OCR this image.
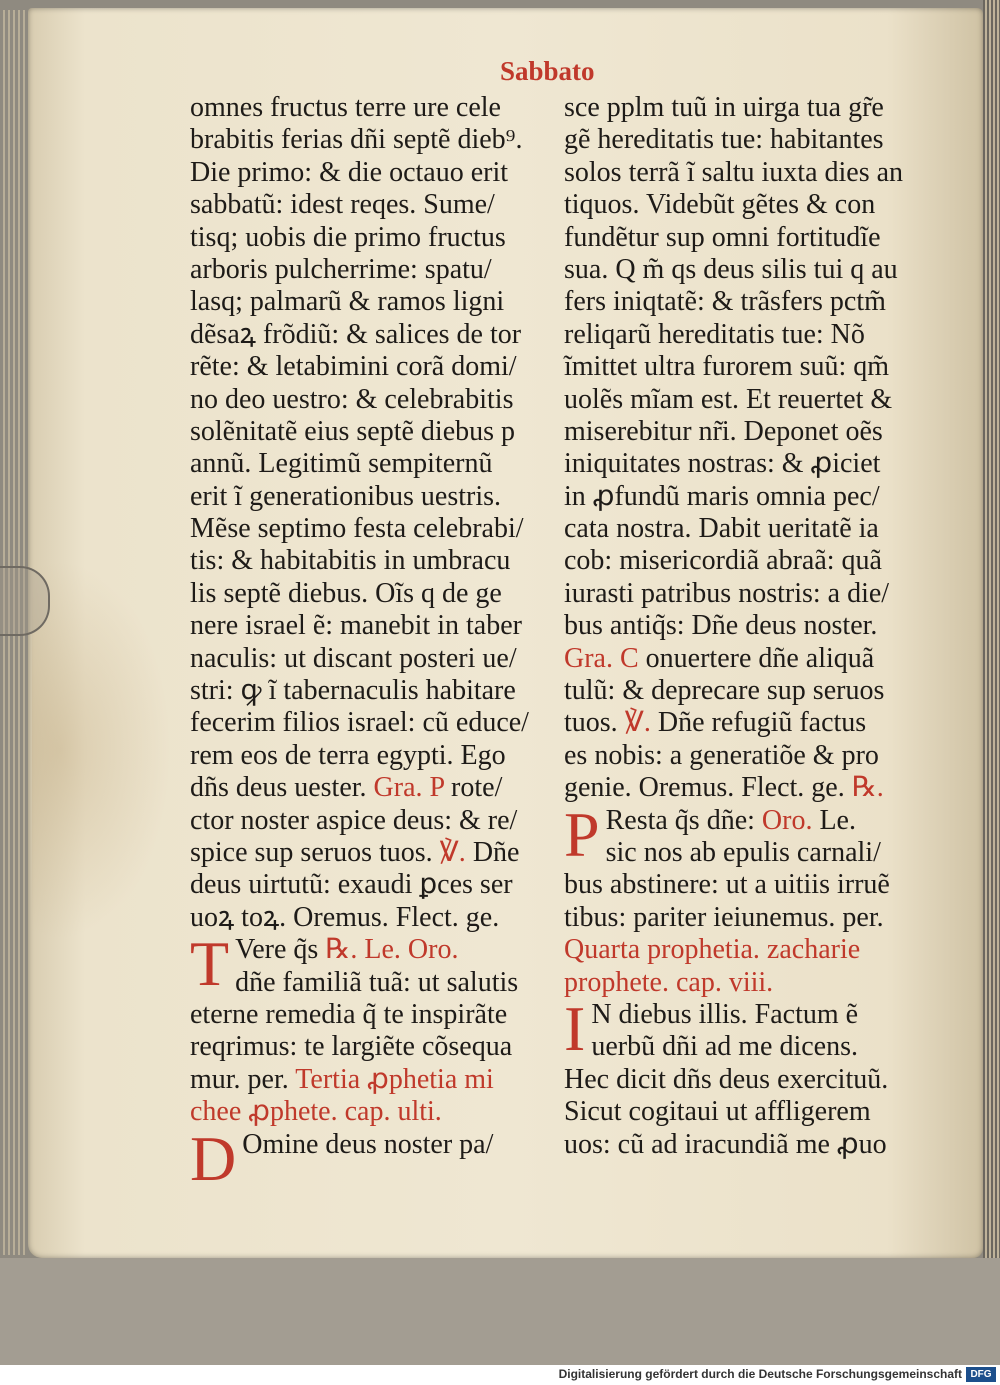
Sabbato
omnes fructus terre ure cele
brabitis ferias dñi septẽ dieb⁹.
Die primo: & die octauo erit
sabbatũ: idest reqes. Sume/
tisq; uobis die primo fructus
arboris pulcherrime: spatu/
lasq; palmarũ & ramos ligni
dẽsaꝝ frõdiũ: & salices de tor
rẽte: & letabimini corã domi/
no deo uestro: & celebrabitis
solẽnitatẽ eius septẽ diebus p
annũ. Legitimũ sempiternũ
erit ĩ generationibus uestris.
Mẽse septimo festa celebrabi/
tis: & habitabitis in umbracu
lis septẽ diebus. Oĩs q de ge
nere israel ẽ: manebit in taber
naculis: ut discant posteri ue/
stri: ꝙ ĩ tabernaculis habitare
fecerim filios israel: cũ educe/
rem eos de terra egypti. Ego
dñs deus uester. Gra. P rote/
ctor noster aspice deus: & re/
spice sup seruos tuos. ℣. Dñe
deus uirtutũ: exaudi ꝑces ser
uoꝝ toꝝ. Oremus. Flect. ge.
T Vere q̃s ℞. Le. Oro.
dñe familiã tuã: ut salutis
eterne remedia q̃ te inspirãte
reqrimus: te largiẽte cõsequa
mur. per. Tertia ꝓphetia mi
chee ꝓphete. cap. ulti.
D Omine deus noster pa/
sce pplm tuũ in uirga tua gr̃e
gẽ hereditatis tue: habitantes
solos terrã ĩ saltu iuxta dies an
tiquos. Videbũt gẽtes & con
fundẽtur sup omni fortitudĩe
sua. Q m̃ qs deus silis tui q au
fers iniqtatẽ: & trãsfers pctm̃
reliqarũ hereditatis tue: Nõ
ĩmittet ultra furorem suũ: qm̃
uolẽs mĩam est. Et reuertet &
miserebitur nr̃i. Deponet oẽs
iniquitates nostras: & ꝓiciet
in ꝓfundũ maris omnia pec/
cata nostra. Dabit ueritatẽ ia
cob: misericordiã abraã: quã
iurasti patribus nostris: a die/
bus antiq̃s: Dñe deus noster.
Gra. C onuertere dñe aliquã
tulũ: & deprecare sup seruos
tuos. ℣. Dñe refugiũ factus
es nobis: a generatiõe & pro
genie. Oremus. Flect. ge. ℞.
P Resta q̃s dñe: Oro. Le.
sic nos ab epulis carnali/
bus abstinere: ut a uitiis irruẽ
tibus: pariter ieiunemus. per.
Quarta prophetia. zacharie
prophete. cap. viii.
I N diebus illis. Factum ẽ
uerbũ dñi ad me dicens.
Hec dicit dñs deus exercituũ.
Sicut cogitaui ut affligerem
uos: cũ ad iracundiã me ꝓuo
Digitalisierung gefördert durch die Deutsche Forschungsgemeinschaft DFG
